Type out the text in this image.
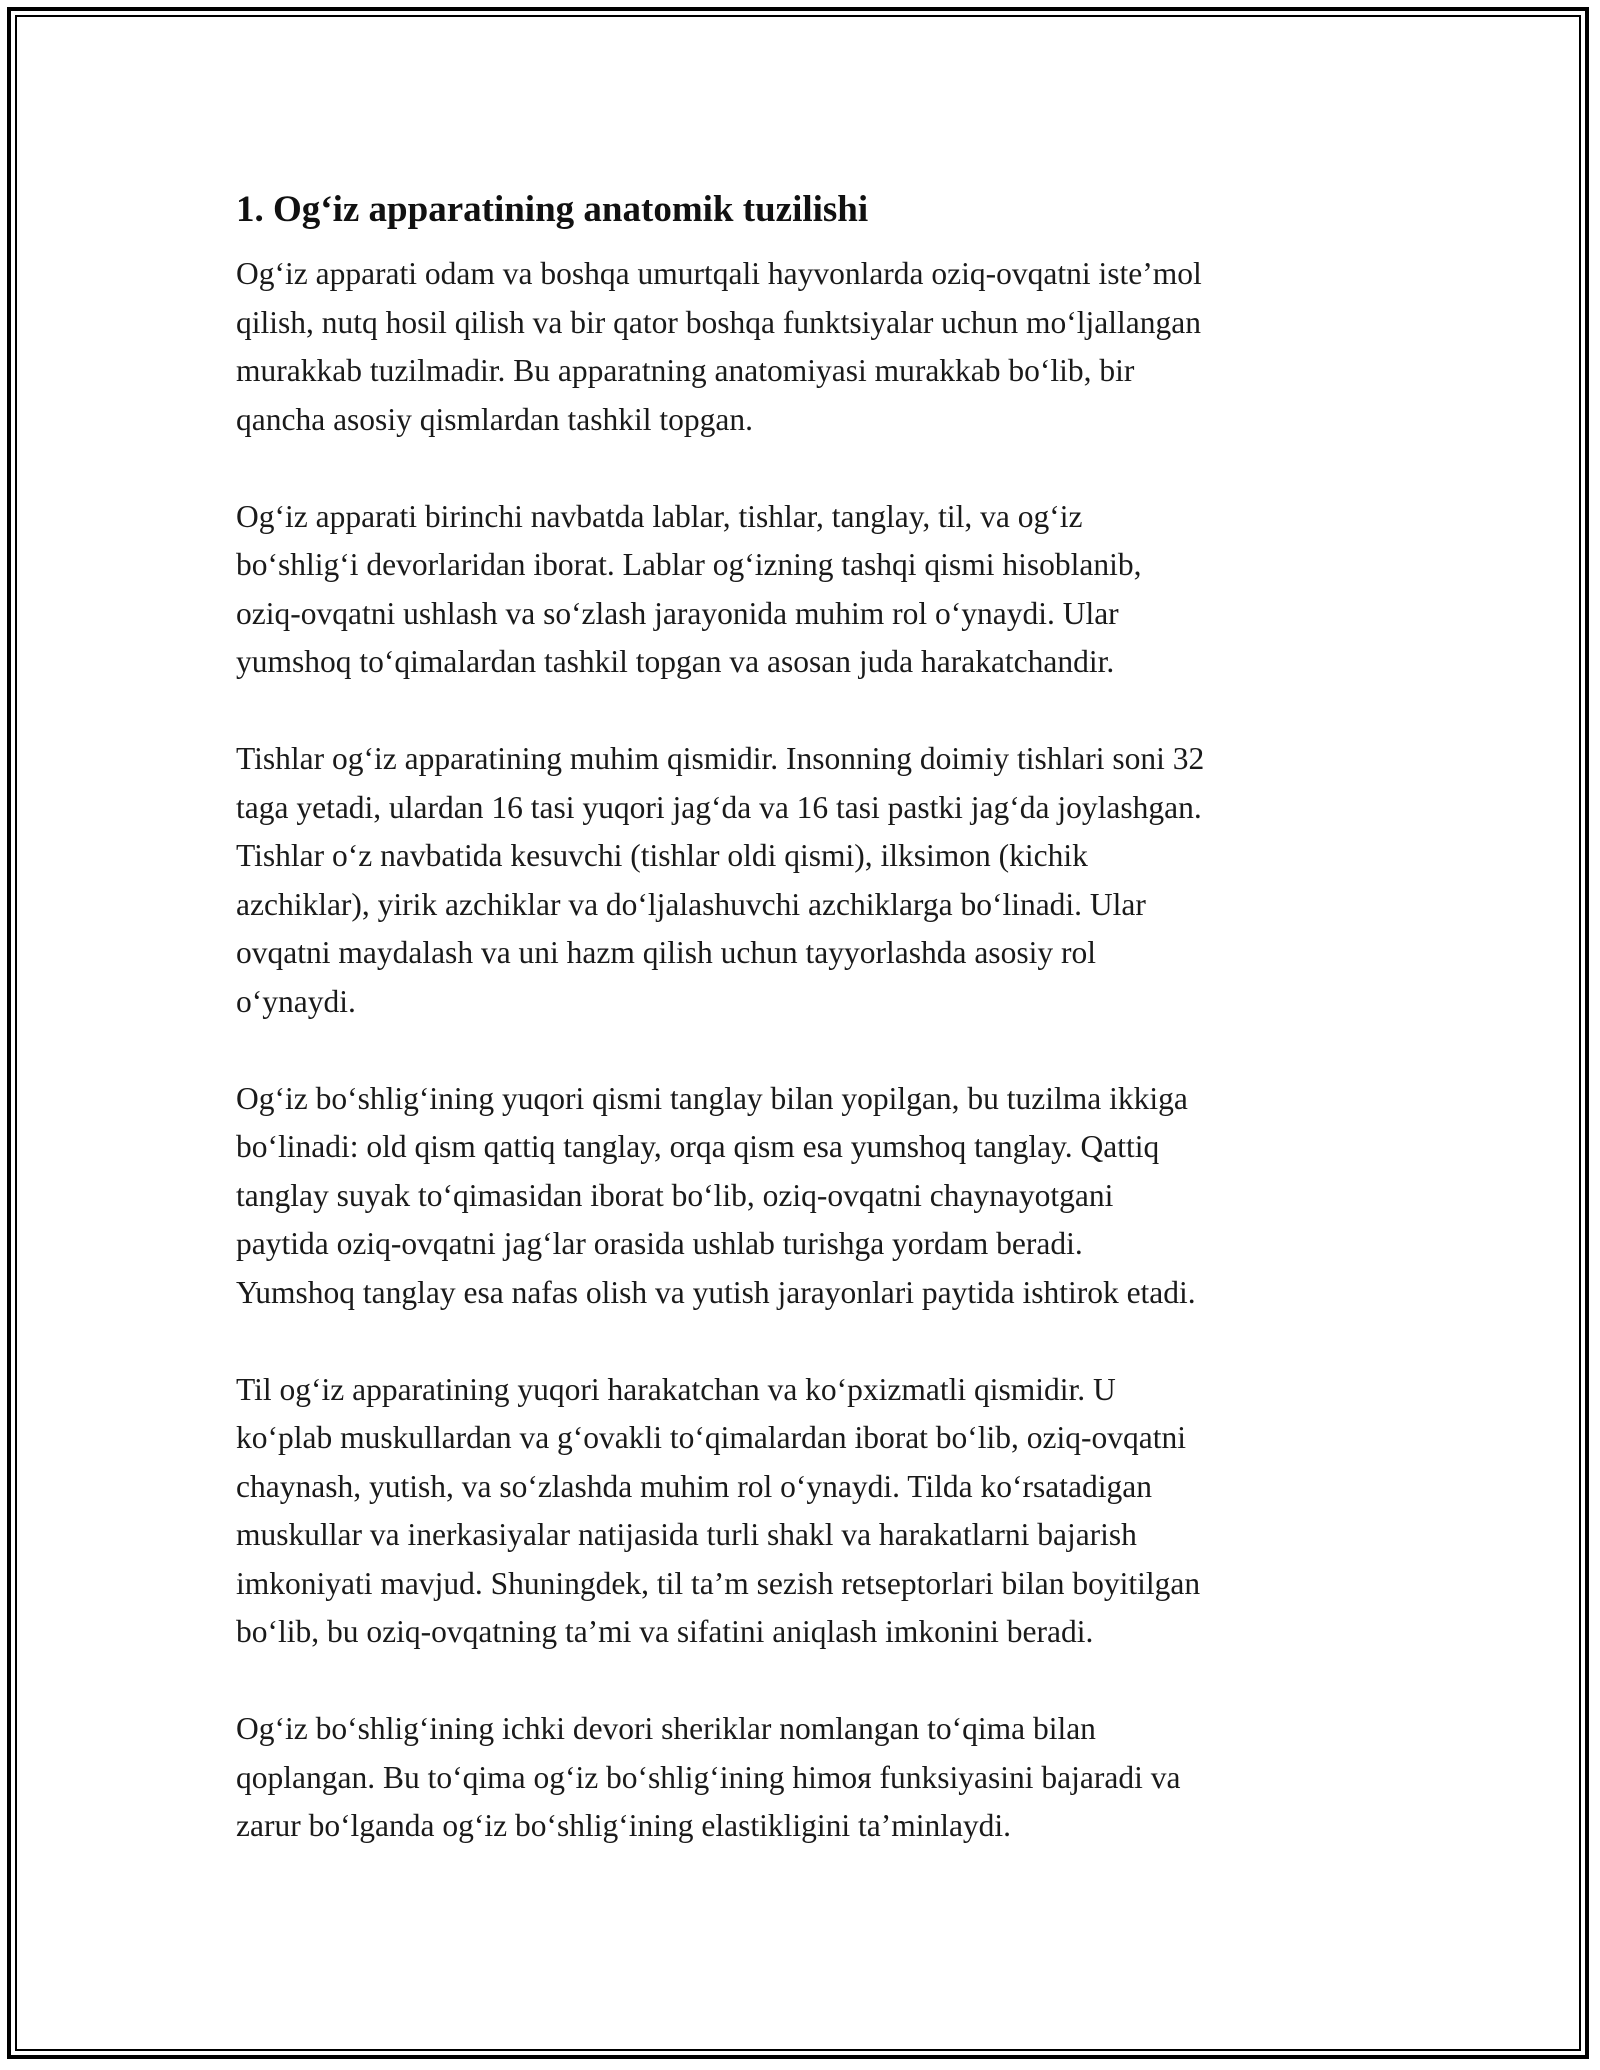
1. Og‘iz apparatining anatomik tuzilishi

Og‘iz apparati odam va boshqa umurtqali hayvonlarda oziq-ovqatni iste’mol
qilish, nutq hosil qilish va bir qator boshqa funktsiyalar uchun mo‘ljallangan
murakkab tuzilmadir. Bu apparatning anatomiyasi murakkab bo‘lib, bir
qancha asosiy qismlardan tashkil topgan.

Og‘iz apparati birinchi navbatda lablar, tishlar, tanglay, til, va og‘iz
bo‘shlig‘i devorlaridan iborat. Lablar og‘izning tashqi qismi hisoblanib,
oziq-ovqatni ushlash va so‘zlash jarayonida muhim rol o‘ynaydi. Ular
yumshoq to‘qimalardan tashkil topgan va asosan juda harakatchandir.

Tishlar og‘iz apparatining muhim qismidir. Insonning doimiy tishlari soni 32
taga yetadi, ulardan 16 tasi yuqori jag‘da va 16 tasi pastki jag‘da joylashgan.
Tishlar o‘z navbatida kesuvchi (tishlar oldi qismi), ilksimon (kichik
azchiklar), yirik azchiklar va do‘ljalashuvchi azchiklarga bo‘linadi. Ular
ovqatni maydalash va uni hazm qilish uchun tayyorlashda asosiy rol
o‘ynaydi.

Og‘iz bo‘shlig‘ining yuqori qismi tanglay bilan yopilgan, bu tuzilma ikkiga
bo‘linadi: old qism qattiq tanglay, orqa qism esa yumshoq tanglay. Qattiq
tanglay suyak to‘qimasidan iborat bo‘lib, oziq-ovqatni chaynayotgani
paytida oziq-ovqatni jag‘lar orasida ushlab turishga yordam beradi.
Yumshoq tanglay esa nafas olish va yutish jarayonlari paytida ishtirok etadi.

Til og‘iz apparatining yuqori harakatchan va ko‘pxizmatli qismidir. U
ko‘plab muskullardan va g‘ovakli to‘qimalardan iborat bo‘lib, oziq-ovqatni
chaynash, yutish, va so‘zlashda muhim rol o‘ynaydi. Tilda ko‘rsatadigan
muskullar va inerkasiyalar natijasida turli shakl va harakatlarni bajarish
imkoniyati mavjud. Shuningdek, til ta’m sezish retseptorlari bilan boyitilgan
bo‘lib, bu oziq-ovqatning ta’mi va sifatini aniqlash imkonini beradi.

Og‘iz bo‘shlig‘ining ichki devori sheriklar nomlangan to‘qima bilan
qoplangan. Bu to‘qima og‘iz bo‘shlig‘ining himoя funksiyasini bajaradi va
zarur bo‘lganda og‘iz bo‘shlig‘ining elastikligini ta’minlaydi.
